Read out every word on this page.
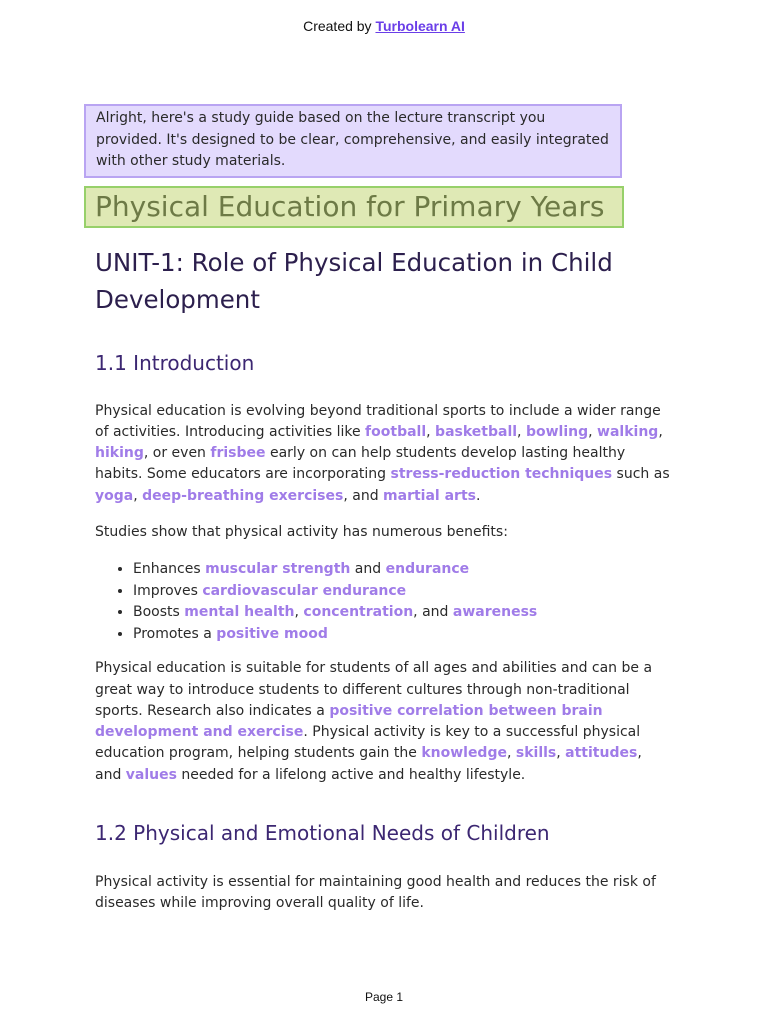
Created by Turbolearn AI
Alright, here's a study guide based on the lecture transcript you provided. It's designed to be clear, comprehensive, and easily integrated with other study materials.
Physical Education for Primary Years
UNIT-1: Role of Physical Education in Child Development
1.1 Introduction

Physical education is evolving beyond traditional sports to include a wider range of activities. Introducing activities like football, basketball, bowling, walking, hiking, or even frisbee early on can help students develop lasting healthy habits. Some educators are incorporating stress-reduction techniques such as yoga, deep-breathing exercises, and martial arts.

Studies show that physical activity has numerous benefits:

• Enhances muscular strength and endurance
• Improves cardiovascular endurance
• Boosts mental health, concentration, and awareness
• Promotes a positive mood

Physical education is suitable for students of all ages and abilities and can be a great way to introduce students to different cultures through non-traditional sports. Research also indicates a positive correlation between brain development and exercise. Physical activity is key to a successful physical education program, helping students gain the knowledge, skills, attitudes, and values needed for a lifelong active and healthy lifestyle.

1.2 Physical and Emotional Needs of Children

Physical activity is essential for maintaining good health and reduces the risk of diseases while improving overall quality of life.

Page 1
